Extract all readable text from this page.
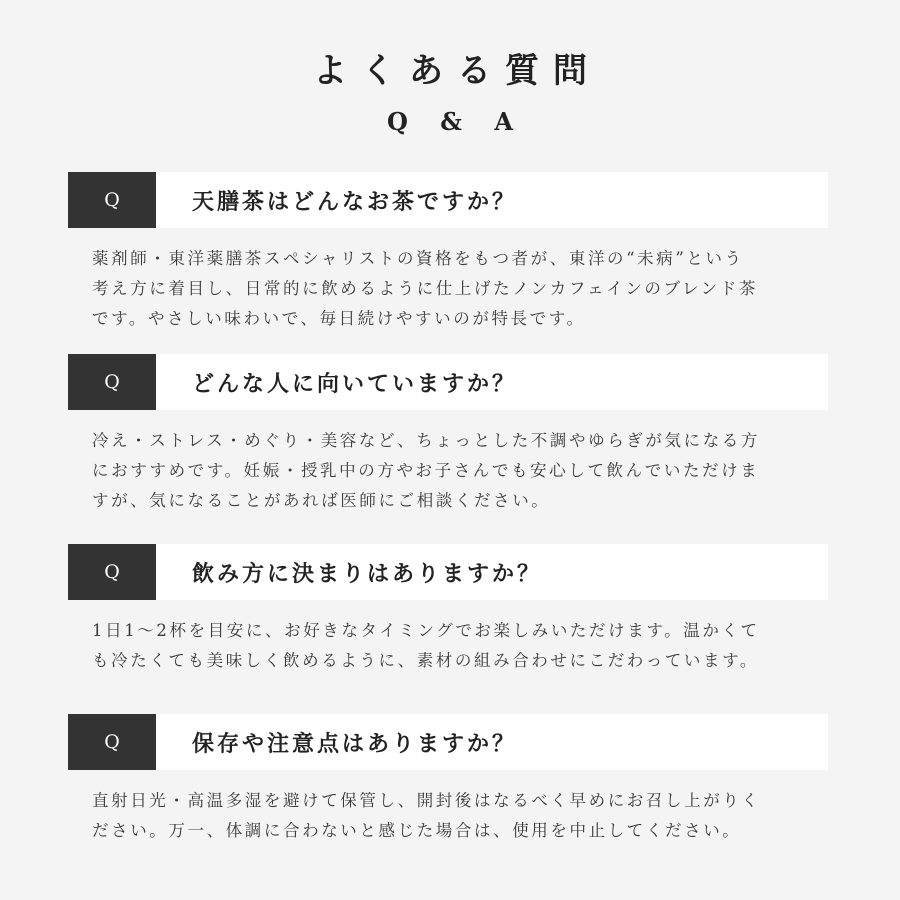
よくある質問
Q & A
Q	天膳茶はどんなお茶ですか？

薬剤師・東洋薬膳茶スペシャリストの資格をもつ者が、東洋の“未病”という
考え方に着目し、日常的に飲めるように仕上げたノンカフェインのブレンド茶
です。やさしい味わいで、毎日続けやすいのが特長です。

Q	どんな人に向いていますか？

冷え・ストレス・めぐり・美容など、ちょっとした不調やゆらぎが気になる方
におすすめです。妊娠・授乳中の方やお子さんでも安心して飲んでいただけま
すが、気になることがあれば医師にご相談ください。

Q	飲み方に決まりはありますか？

1日1〜2杯を目安に、お好きなタイミングでお楽しみいただけます。温かくて
も冷たくても美味しく飲めるように、素材の組み合わせにこだわっています。

Q	保存や注意点はありますか？

直射日光・高温多湿を避けて保管し、開封後はなるべく早めにお召し上がりく
ださい。万一、体調に合わないと感じた場合は、使用を中止してください。
